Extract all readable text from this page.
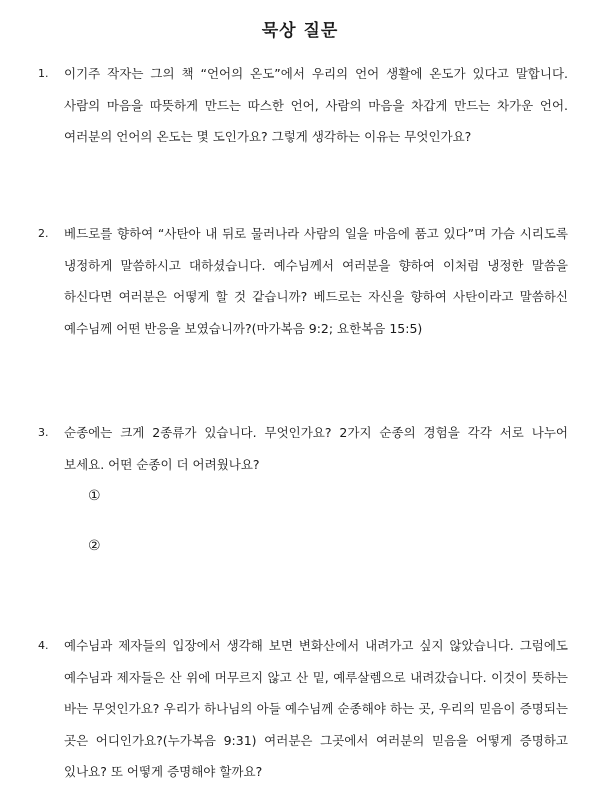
묵상 질문
1.	이기주 작자는 그의 책 “언어의 온도”에서 우리의 언어 생활에 온도가 있다고 말합니다. 사람의 마음을 따뜻하게 만드는 따스한 언어, 사람의 마음을 차갑게 만드는 차가운 언어. 여러분의 언어의 온도는 몇 도인가요? 그렇게 생각하는 이유는 무엇인가요?

2.	베드로를 향하여 “사탄아 내 뒤로 물러나라 사람의 일을 마음에 품고 있다”며 가슴 시리도록 냉정하게 말씀하시고 대하셨습니다. 예수님께서 여러분을 향하여 이처럼 냉정한 말씀을 하신다면 여러분은 어떻게 할 것 같습니까? 베드로는 자신을 향하여 사탄이라고 말씀하신 예수님께 어떤 반응을 보였습니까?(마가복음 9:2; 요한복음 15:5)

3.	순종에는 크게 2종류가 있습니다. 무엇인가요? 2가지 순종의 경험을 각각 서로 나누어 보세요. 어떤 순종이 더 어려웠나요?

①
②
4.	예수님과 제자들의 입장에서 생각해 보면 변화산에서 내려가고 싶지 않았습니다. 그럼에도 예수님과 제자들은 산 위에 머무르지 않고 산 밑, 예루살렘으로 내려갔습니다. 이것이 뜻하는 바는 무엇인가요? 우리가 하나님의 아들 예수님께 순종해야 하는 곳, 우리의 믿음이 증명되는 곳은 어디인가요?(누가복음 9:31) 여러분은 그곳에서 여러분의 믿음을 어떻게 증명하고 있나요? 또 어떻게 증명해야 할까요?
